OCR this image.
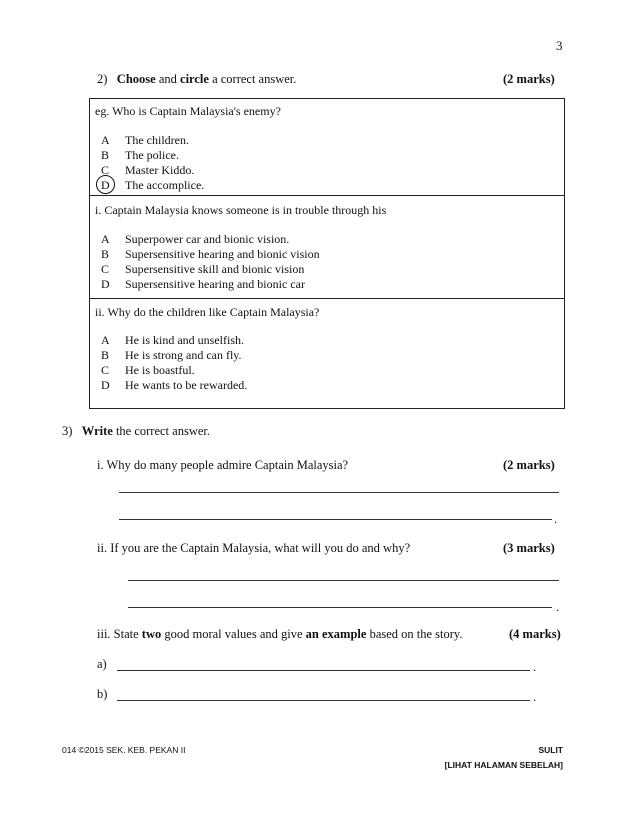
3
2) Choose and circle a correct answer.	(2 marks)
eg. Who is Captain Malaysia's enemy?
A The children.
B The police.
C Master Kiddo.
D The accomplice.
i. Captain Malaysia knows someone is in trouble through his
A Superpower car and bionic vision.
B Supersensitive hearing and bionic vision
C Supersensitive skill and bionic vision
D Supersensitive hearing and bionic car
ii. Why do the children like Captain Malaysia?
A He is kind and unselfish.
B He is strong and can fly.
C He is boastful.
D He wants to be rewarded.
3) Write the correct answer.
i. Why do many people admire Captain Malaysia?	(2 marks)
.
ii. If you are the Captain Malaysia, what will you do and why?	(3 marks)
.
iii. State two good moral values and give an example based on the story.	(4 marks)
a)	.
b)	.
014 ©2015 SEK. KEB. PEKAN II	SULIT
[LIHAT HALAMAN SEBELAH]
